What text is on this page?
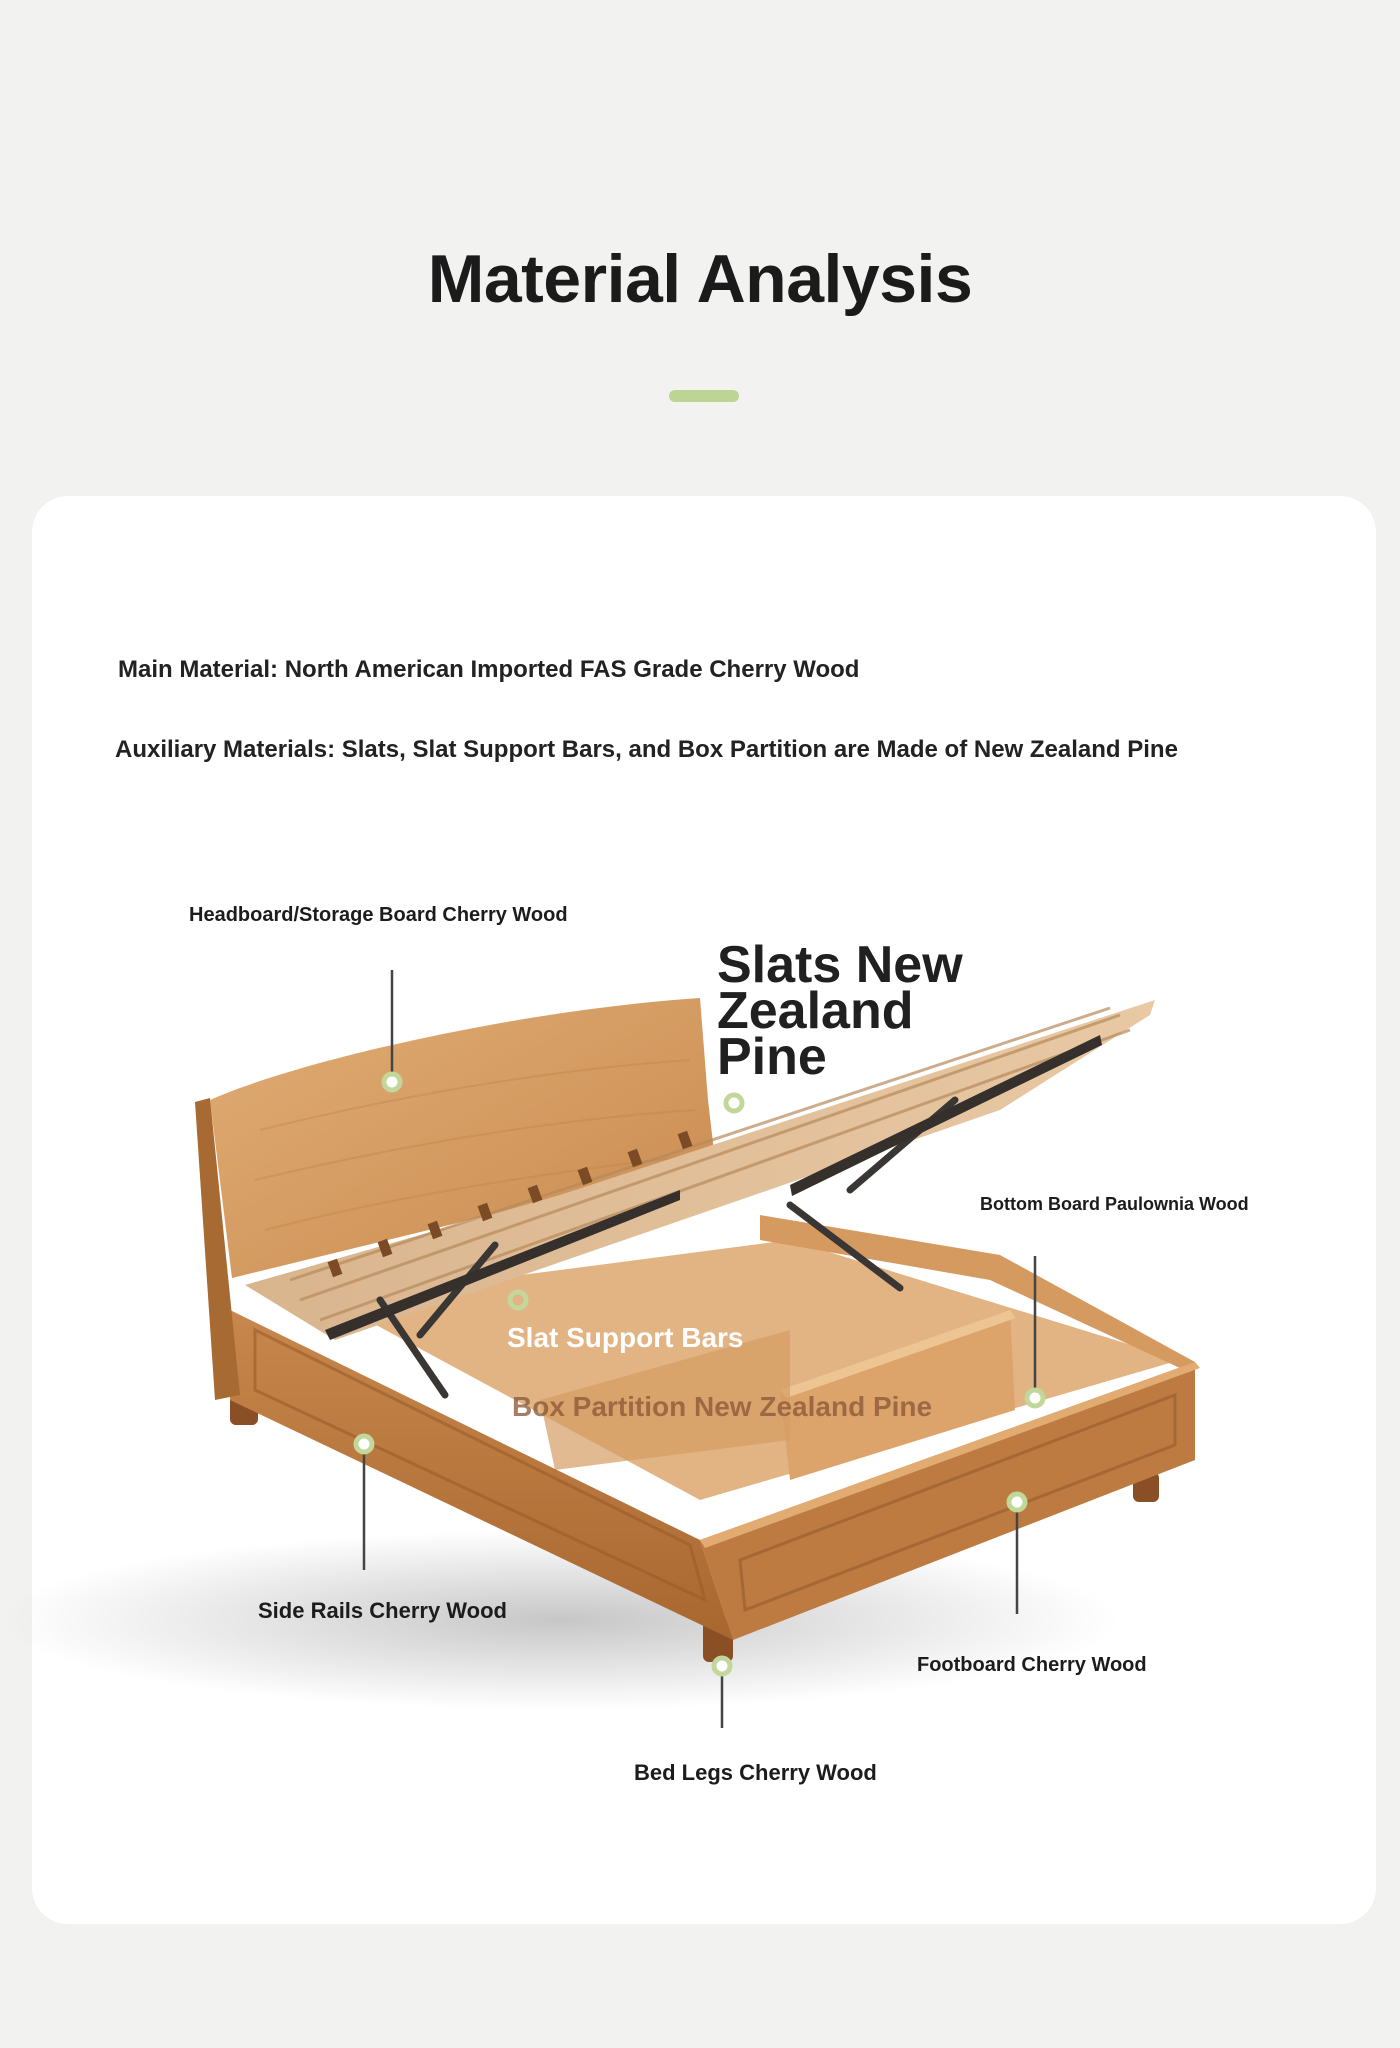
Material Analysis

Main Material: North American Imported FAS Grade Cherry Wood

Auxiliary Materials: Slats, Slat Support Bars, and Box Partition are Made of New Zealand Pine

Headboard/Storage Board Cherry Wood

Slats New Zealand Pine

Bottom Board Paulownia Wood

Slat Support Bars

Box Partition New Zealand Pine

Side Rails Cherry Wood

Footboard Cherry Wood

Bed Legs Cherry Wood
